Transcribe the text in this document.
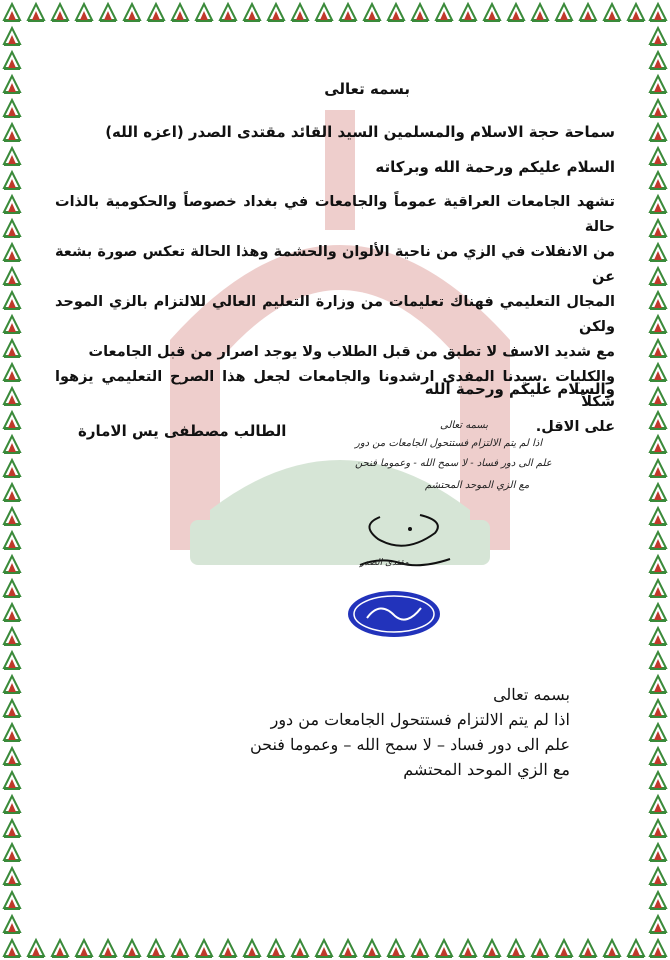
بسمه تعالى
سماحة حجة الاسلام والمسلمين السيد القائد مقتدى الصدر (اعزه الله)
السلام عليكم ورحمة الله وبركاته
تشهد الجامعات العراقية عموماً والجامعات في بغداد خصوصاً والحكومية بالذات حالة
من الانفلات في الزي من ناحية الألوان والحشمة وهذا الحالة تعكس صورة بشعة عن
المجال التعليمي فهناك تعليمات من وزارة التعليم العالي للالتزام بالزي الموحد ولكن
مع شديد الاسف لا تطبق من قبل الطلاب ولا يوجد اصرار من قبل الجامعات
والكليات .سيدنا المفدى ارشدونا والجامعات لجعل هذا الصرح التعليمي يزهوا شكلاً
على الاقل.
والسلام عليكم ورحمة الله
الطالب مصطفى يس الامارة	بسمه تعالى
اذا لم يتم الالتزام فستتحول الجامعات من دور
علم الى دور فساد - لا سمح الله - وعموما فنحن
مع الزي الموحد المحتشم
مقتدى الصدر
بسمه تعالى
اذا لم يتم الالتزام فستتحول الجامعات من دور
علم الى دور فساد – لا سمح الله – وعموما فنحن
مع الزي الموحد المحتشم
